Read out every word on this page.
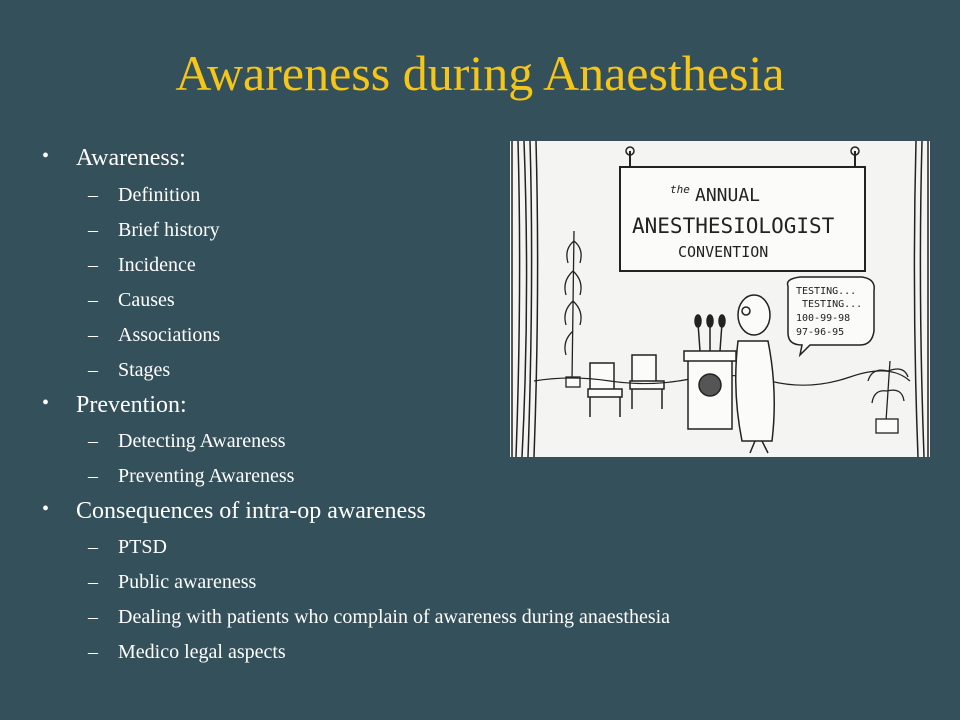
Awareness during Anaesthesia
• Awareness:
– Definition
– Brief history
– Incidence
– Causes
– Associations
– Stages
• Prevention:
– Detecting Awareness
– Preventing Awareness
• Consequences of intra-op awareness
– PTSD
– Public awareness
– Dealing with patients who complain of awareness during anaesthesia
– Medico legal aspects
the ANNUAL
ANESTHESIOLOGIST
CONVENTION
TESTING...
TESTING...
100-99-98
97-96-95
